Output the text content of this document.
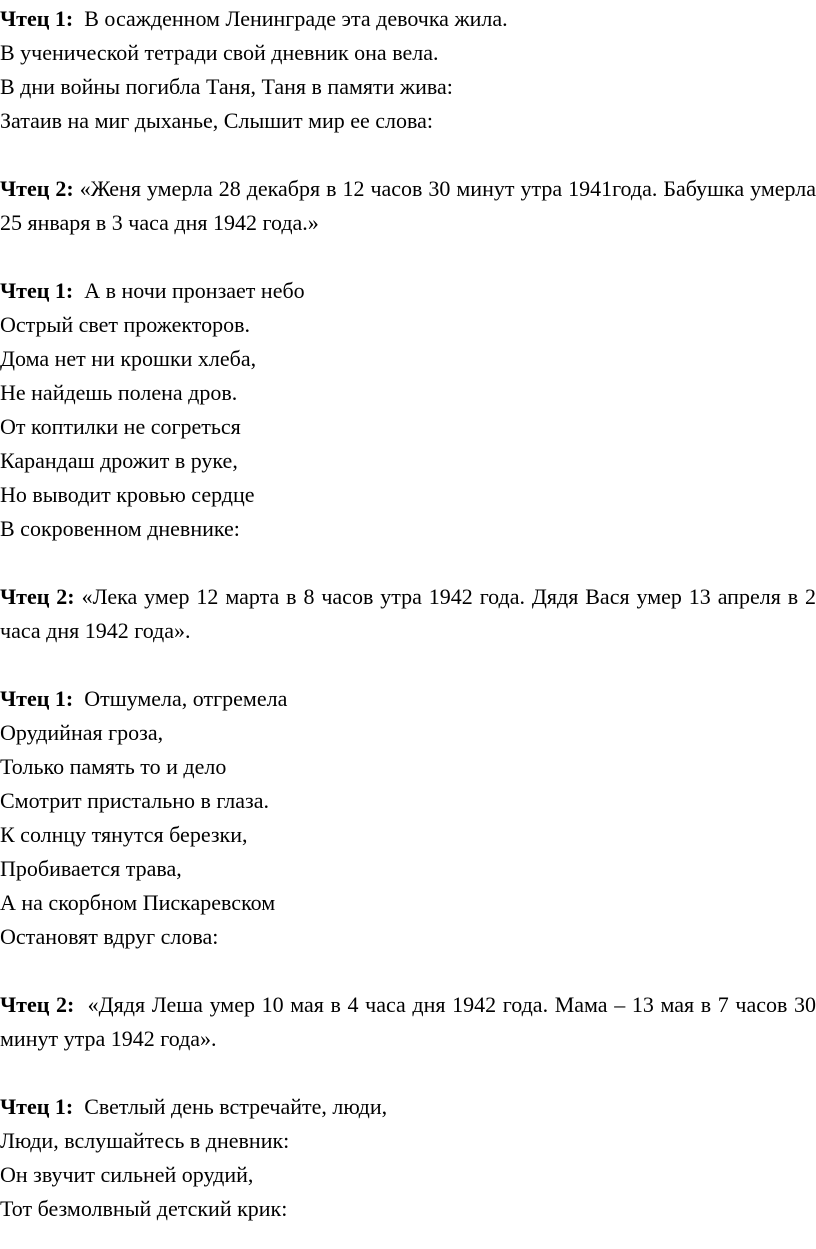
Чтец 1: В осажденном Ленинграде эта девочка жила.
В ученической тетради свой дневник она вела.
В дни войны погибла Таня, Таня в памяти жива:
Затаив на миг дыханье, Слышит мир ее слова:
Чтец 2: «Женя умерла 28 декабря в 12 часов 30 минут утра 1941года. Бабушка умерла 25 января в 3 часа дня 1942 года.»
Чтец 1: А в ночи пронзает небо
Острый свет прожекторов.
Дома нет ни крошки хлеба,
Не найдешь полена дров.
От коптилки не согреться
Карандаш дрожит в руке,
Но выводит кровью сердце
В сокровенном дневнике:
Чтец 2: «Лека умер 12 марта в 8 часов утра 1942 года. Дядя Вася умер 13 апреля в 2 часа дня 1942 года».
Чтец 1: Отшумела, отгремела
Орудийная гроза,
Только память то и дело
Смотрит пристально в глаза.
К солнцу тянутся березки,
Пробивается трава,
А на скорбном Пискаревском
Остановят вдруг слова:
Чтец 2: «Дядя Леша умер 10 мая в 4 часа дня 1942 года. Мама – 13 мая в 7 часов 30 минут утра 1942 года».
Чтец 1: Светлый день встречайте, люди,
Люди, вслушайтесь в дневник:
Он звучит сильней орудий,
Тот безмолвный детский крик:
